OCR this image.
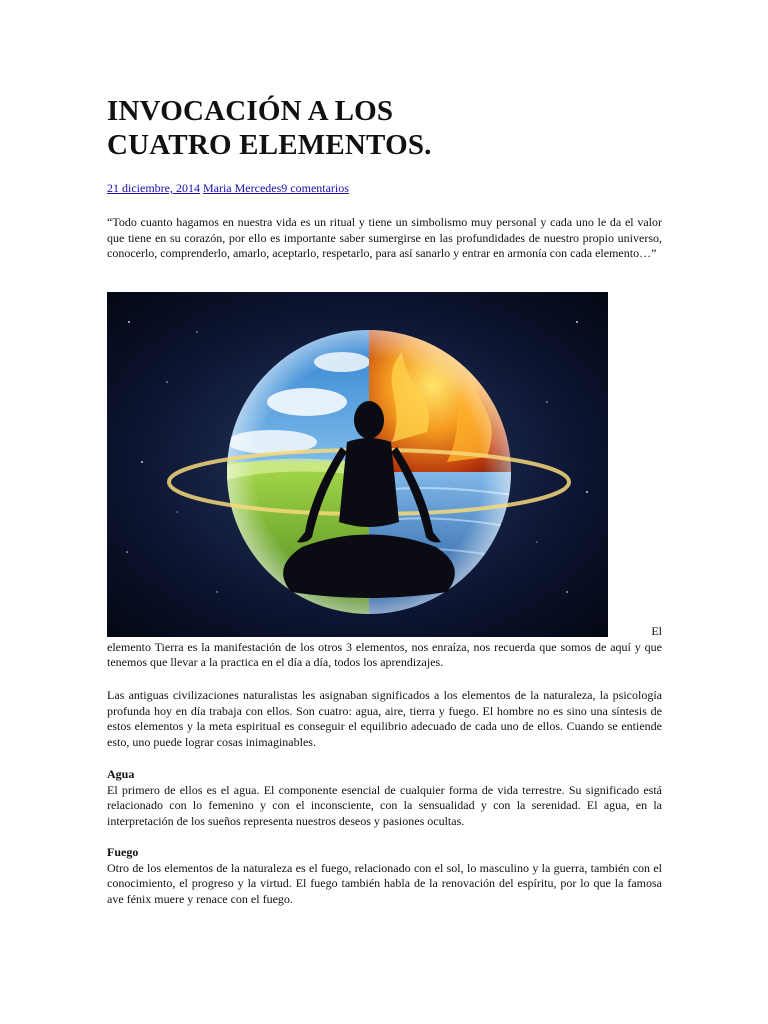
INVOCACIÓN A LOS
CUATRO ELEMENTOS.
21 diciembre, 2014 Maria Mercedes9 comentarios

“Todo cuanto hagamos en nuestra vida es un ritual y tiene un simbolismo muy personal y cada uno le da el valor que tiene en su corazón, por ello es importante saber sumergirse en las profundidades de nuestro propio universo, conocerlo, comprenderlo, amarlo, aceptarlo, respetarlo, para así sanarlo y entrar en armonía con cada elemento…”

El

elemento Tierra es la manifestación de los otros 3 elementos, nos enraíza, nos recuerda que somos de aquí y que tenemos que llevar a la practica en el día a día, todos los aprendizajes.

Las antiguas civilizaciones naturalistas les asignaban significados a los elementos de la naturaleza, la psicología profunda hoy en día trabaja con ellos. Son cuatro: agua, aire, tierra y fuego. El hombre no es sino una síntesis de estos elementos y la meta espiritual es conseguir el equilibrio adecuado de cada uno de ellos. Cuando se entiende esto, uno puede lograr cosas inimaginables.

Agua

El primero de ellos es el agua. El componente esencial de cualquier forma de vida terrestre. Su significado está relacionado con lo femenino y con el inconsciente, con la sensualidad y con la serenidad. El agua, en la interpretación de los sueños representa nuestros deseos y pasiones ocultas.

Fuego

Otro de los elementos de la naturaleza es el fuego, relacionado con el sol, lo masculino y la guerra, también con el conocimiento, el progreso y la virtud. El fuego también habla de la renovación del espíritu, por lo que la famosa ave fénix muere y renace con el fuego.
